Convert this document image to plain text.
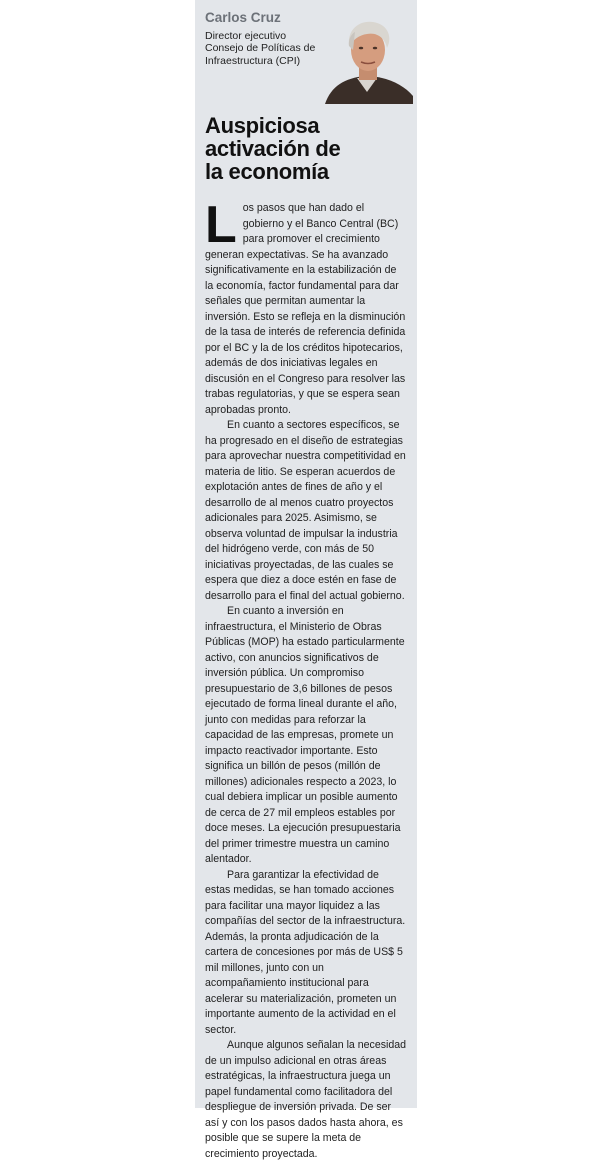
Carlos Cruz

Director ejecutivo
Consejo de Políticas de
Infraestructura (CPI)
Auspiciosa
activación de
la economía

Los pasos que han dado el gobierno y el Banco Central (BC) para promover el crecimiento generan expectativas. Se ha avanzado significativamente en la estabilización de la economía, factor fundamental para dar señales que permitan aumentar la inversión. Esto se refleja en la disminución de la tasa de interés de referencia definida por el BC y la de los créditos hipotecarios, además de dos iniciativas legales en discusión en el Congreso para resolver las trabas regulatorias, y que se espera sean aprobadas pronto.

En cuanto a sectores específicos, se ha progresado en el diseño de estrategias para aprovechar nuestra competitividad en materia de litio. Se esperan acuerdos de explotación antes de fines de año y el desarrollo de al menos cuatro proyectos adicionales para 2025. Asimismo, se observa voluntad de impulsar la industria del hidrógeno verde, con más de 50 iniciativas proyectadas, de las cuales se espera que diez a doce estén en fase de desarrollo para el final del actual gobierno.

En cuanto a inversión en infraestructura, el Ministerio de Obras Públicas (MOP) ha estado particularmente activo, con anuncios significativos de inversión pública. Un compromiso presupuestario de 3,6 billones de pesos ejecutado de forma lineal durante el año, junto con medidas para reforzar la capacidad de las empresas, promete un impacto reactivador importante. Esto significa un billón de pesos (millón de millones) adicionales respecto a 2023, lo cual debiera implicar un posible aumento de cerca de 27 mil empleos estables por doce meses. La ejecución presupuestaria del primer trimestre muestra un camino alentador.

Para garantizar la efectividad de estas medidas, se han tomado acciones para facilitar una mayor liquidez a las compañías del sector de la infraestructura. Además, la pronta adjudicación de la cartera de concesiones por más de US$ 5 mil millones, junto con un acompañamiento institucional para acelerar su materialización, prometen un importante aumento de la actividad en el sector.

Aunque algunos señalan la necesidad de un impulso adicional en otras áreas estratégicas, la infraestructura juega un papel fundamental como facilitadora del despliegue de inversión privada. De ser así y con los pasos dados hasta ahora, es posible que se supere la meta de crecimiento proyectada.
